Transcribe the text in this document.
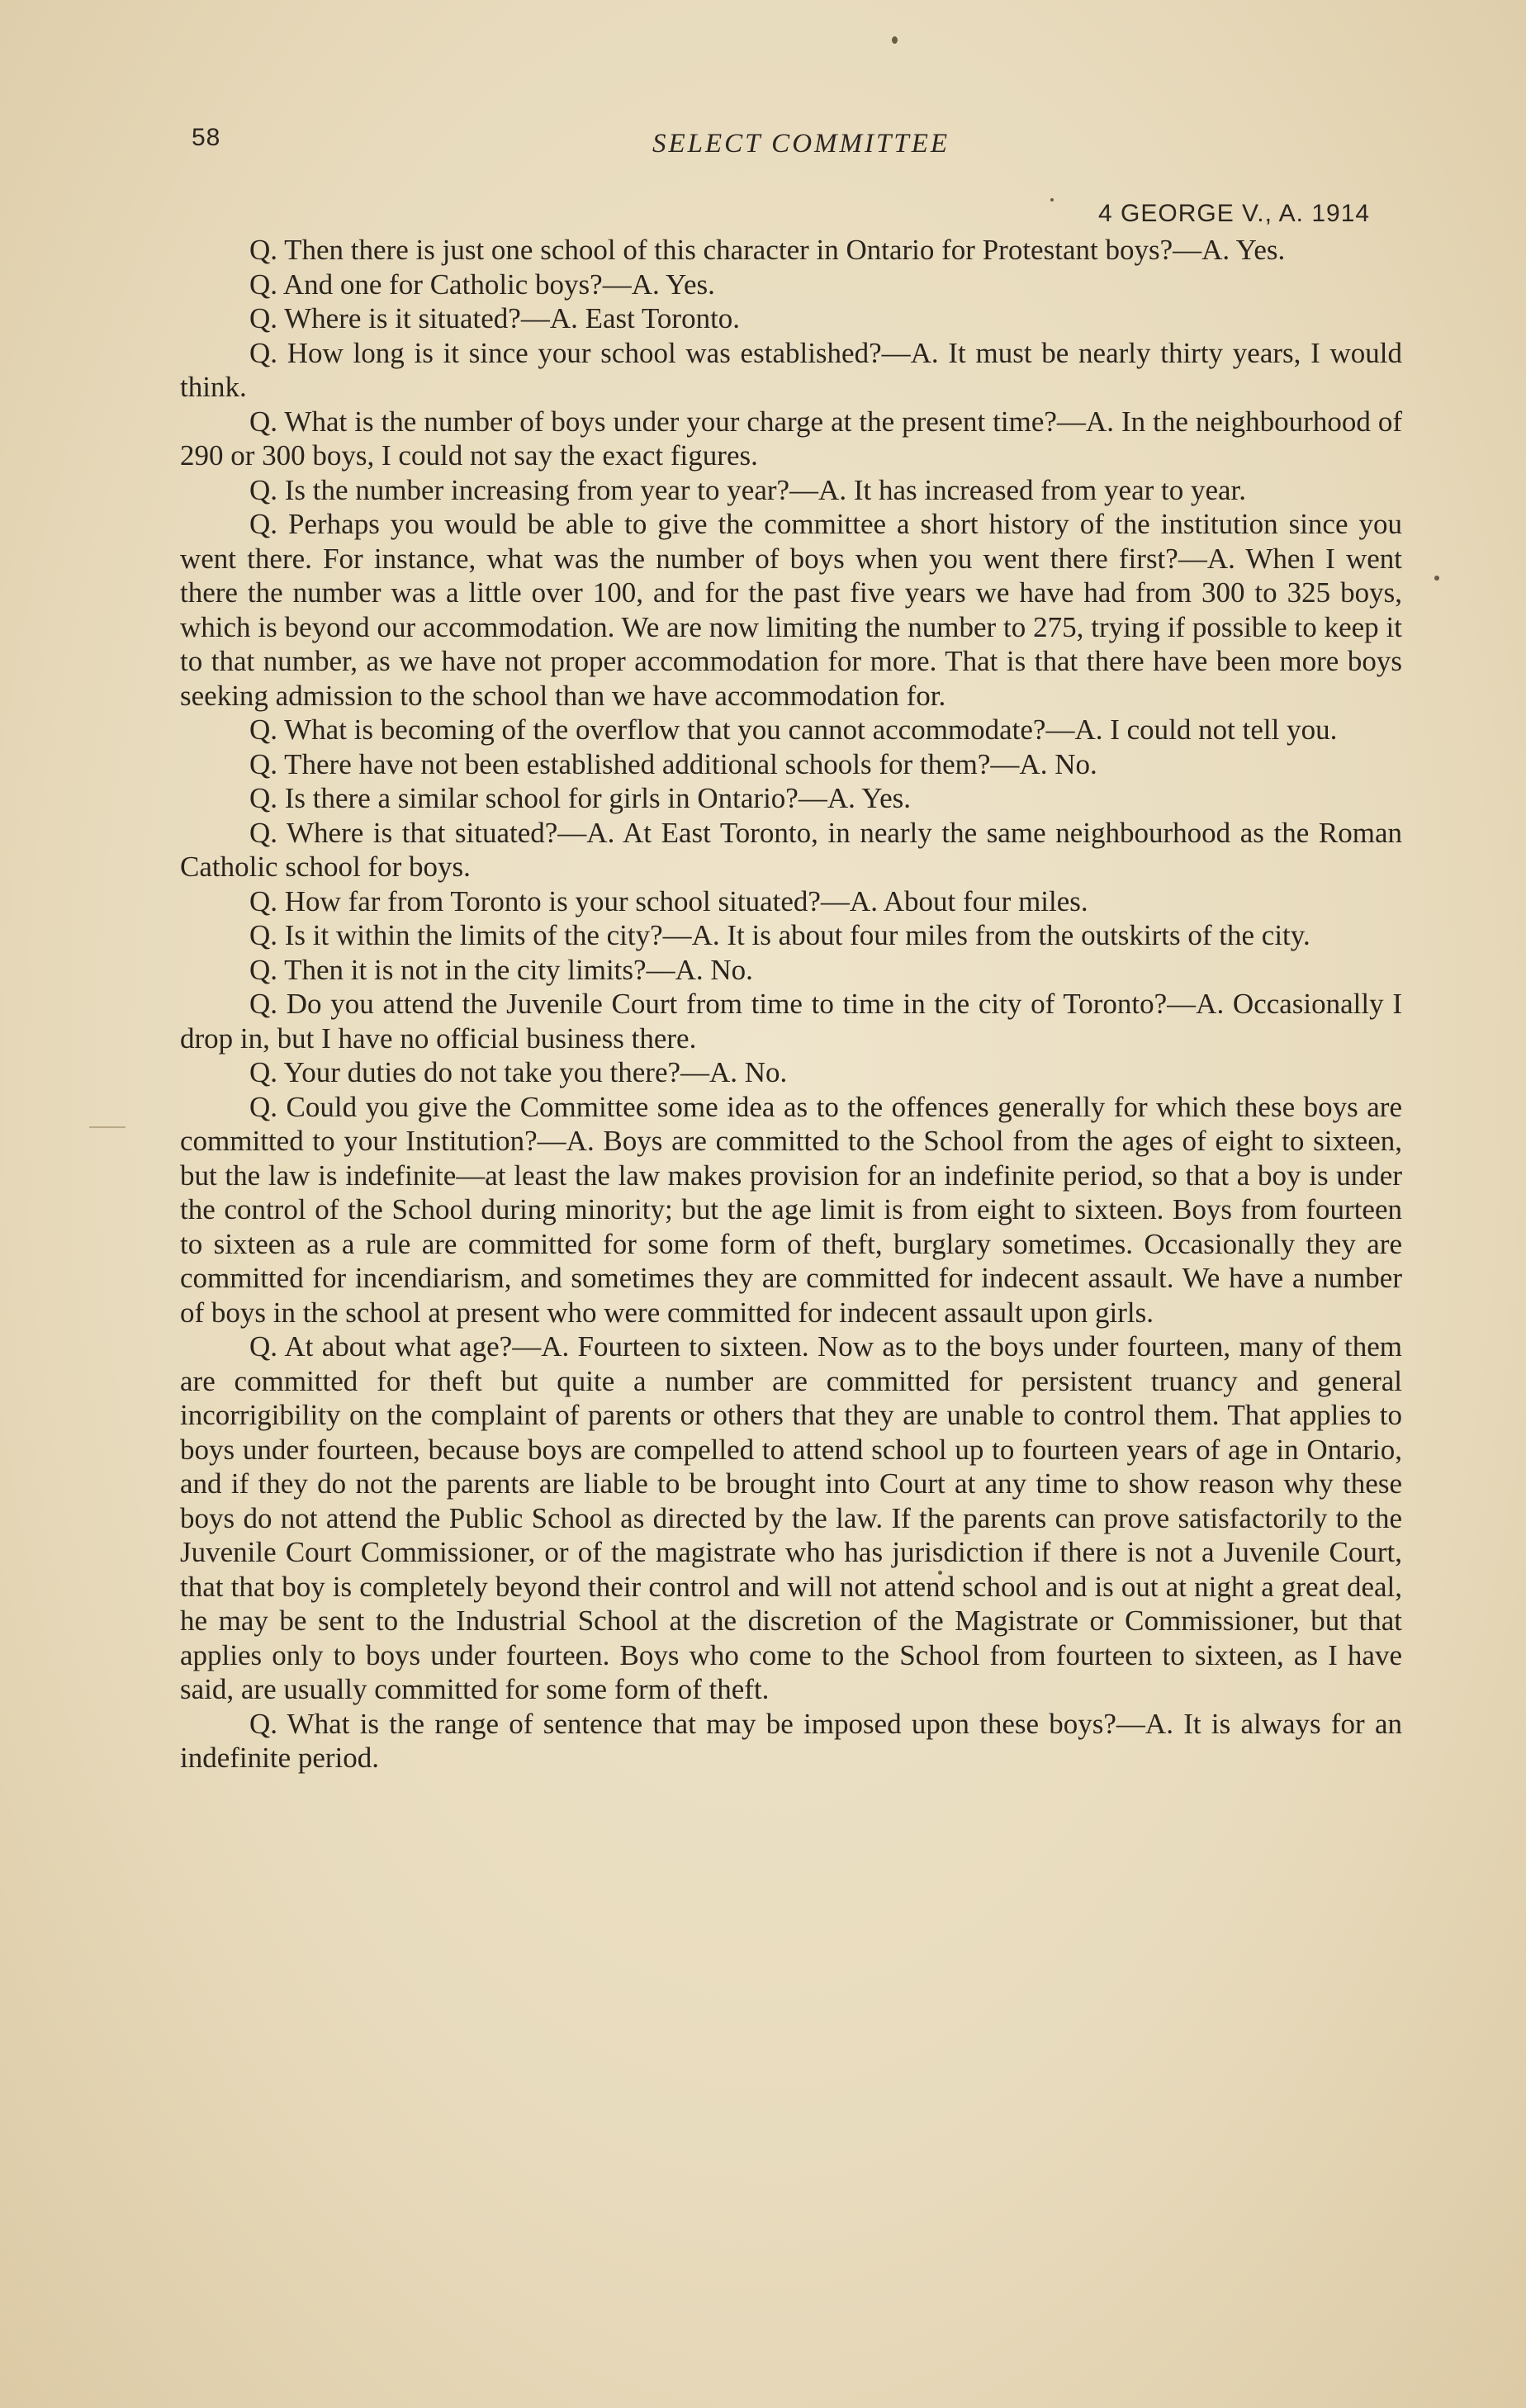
58	SELECT COMMITTEE
4 GEORGE V., A. 1914

Q. Then there is just one school of this character in Ontario for Protestant boys?—A. Yes.

Q. And one for Catholic boys?—A. Yes.

Q. Where is it situated?—A. East Toronto.

Q. How long is it since your school was established?—A. It must be nearly thirty years, I would think.

Q. What is the number of boys under your charge at the present time?—A. In the neighbourhood of 290 or 300 boys, I could not say the exact figures.

Q. Is the number increasing from year to year?—A. It has increased from year to year.

Q. Perhaps you would be able to give the committee a short history of the institution since you went there. For instance, what was the number of boys when you went there first?—A. When I went there the number was a little over 100, and for the past five years we have had from 300 to 325 boys, which is beyond our accommodation. We are now limiting the number to 275, trying if possible to keep it to that number, as we have not proper accommodation for more. That is that there have been more boys seeking admission to the school than we have accommodation for.

Q. What is becoming of the overflow that you cannot accommodate?—A. I could not tell you.

Q. There have not been established additional schools for them?—A. No.

Q. Is there a similar school for girls in Ontario?—A. Yes.

Q. Where is that situated?—A. At East Toronto, in nearly the same neighbourhood as the Roman Catholic school for boys.

Q. How far from Toronto is your school situated?—A. About four miles.

Q. Is it within the limits of the city?—A. It is about four miles from the outskirts of the city.

Q. Then it is not in the city limits?—A. No.

Q. Do you attend the Juvenile Court from time to time in the city of Toronto?—A. Occasionally I drop in, but I have no official business there.

Q. Your duties do not take you there?—A. No.

Q. Could you give the Committee some idea as to the offences generally for which these boys are committed to your Institution?—A. Boys are committed to the School from the ages of eight to sixteen, but the law is indefinite—at least the law makes provision for an indefinite period, so that a boy is under the control of the School during minority; but the age limit is from eight to sixteen. Boys from fourteen to sixteen as a rule are committed for some form of theft, burglary sometimes. Occasionally they are committed for incendiarism, and sometimes they are committed for indecent assault. We have a number of boys in the school at present who were committed for indecent assault upon girls.

Q. At about what age?—A. Fourteen to sixteen. Now as to the boys under fourteen, many of them are committed for theft but quite a number are committed for persistent truancy and general incorrigibility on the complaint of parents or others that they are unable to control them. That applies to boys under fourteen, because boys are compelled to attend school up to fourteen years of age in Ontario, and if they do not the parents are liable to be brought into Court at any time to show reason why these boys do not attend the Public School as directed by the law. If the parents can prove satisfactorily to the Juvenile Court Commissioner, or of the magistrate who has jurisdiction if there is not a Juvenile Court, that that boy is completely beyond their control and will not attend school and is out at night a great deal, he may be sent to the Industrial School at the discretion of the Magistrate or Commissioner, but that applies only to boys under fourteen. Boys who come to the School from fourteen to sixteen, as I have said, are usually committed for some form of theft.

Q. What is the range of sentence that may be imposed upon these boys?—A. It is always for an indefinite period.
